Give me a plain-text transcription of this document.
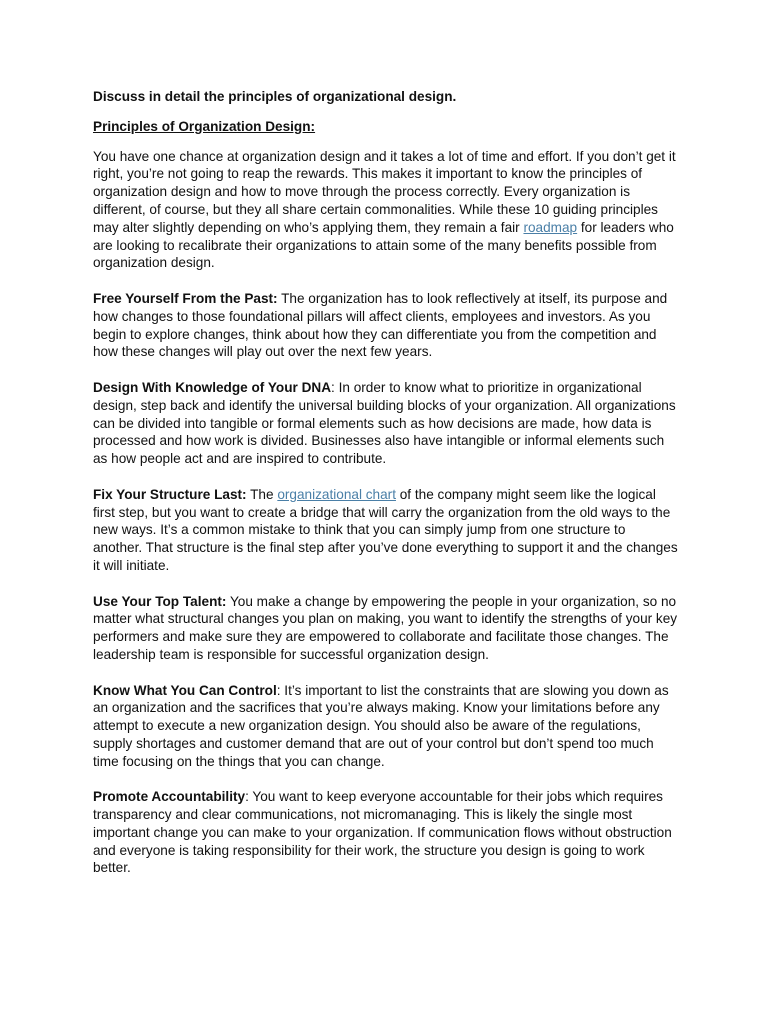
Discuss in detail the principles of organizational design.

Principles of Organization Design:

You have one chance at organization design and it takes a lot of time and effort. If you don’t get it right, you’re not going to reap the rewards. This makes it important to know the principles of organization design and how to move through the process correctly. Every organization is different, of course, but they all share certain commonalities. While these 10 guiding principles may alter slightly depending on who’s applying them, they remain a fair roadmap for leaders who are looking to recalibrate their organizations to attain some of the many benefits possible from organization design.

Free Yourself From the Past: The organization has to look reflectively at itself, its purpose and how changes to those foundational pillars will affect clients, employees and investors. As you begin to explore changes, think about how they can differentiate you from the competition and how these changes will play out over the next few years.

Design With Knowledge of Your DNA: In order to know what to prioritize in organizational design, step back and identify the universal building blocks of your organization. All organizations can be divided into tangible or formal elements such as how decisions are made, how data is processed and how work is divided. Businesses also have intangible or informal elements such as how people act and are inspired to contribute.

Fix Your Structure Last: The organizational chart of the company might seem like the logical first step, but you want to create a bridge that will carry the organization from the old ways to the new ways. It’s a common mistake to think that you can simply jump from one structure to another. That structure is the final step after you’ve done everything to support it and the changes it will initiate.

Use Your Top Talent: You make a change by empowering the people in your organization, so no matter what structural changes you plan on making, you want to identify the strengths of your key performers and make sure they are empowered to collaborate and facilitate those changes. The leadership team is responsible for successful organization design.

Know What You Can Control: It’s important to list the constraints that are slowing you down as an organization and the sacrifices that you’re always making. Know your limitations before any attempt to execute a new organization design. You should also be aware of the regulations, supply shortages and customer demand that are out of your control but don’t spend too much time focusing on the things that you can change.

Promote Accountability: You want to keep everyone accountable for their jobs which requires transparency and clear communications, not micromanaging. This is likely the single most important change you can make to your organization. If communication flows without obstruction and everyone is taking responsibility for their work, the structure you design is going to work better.
